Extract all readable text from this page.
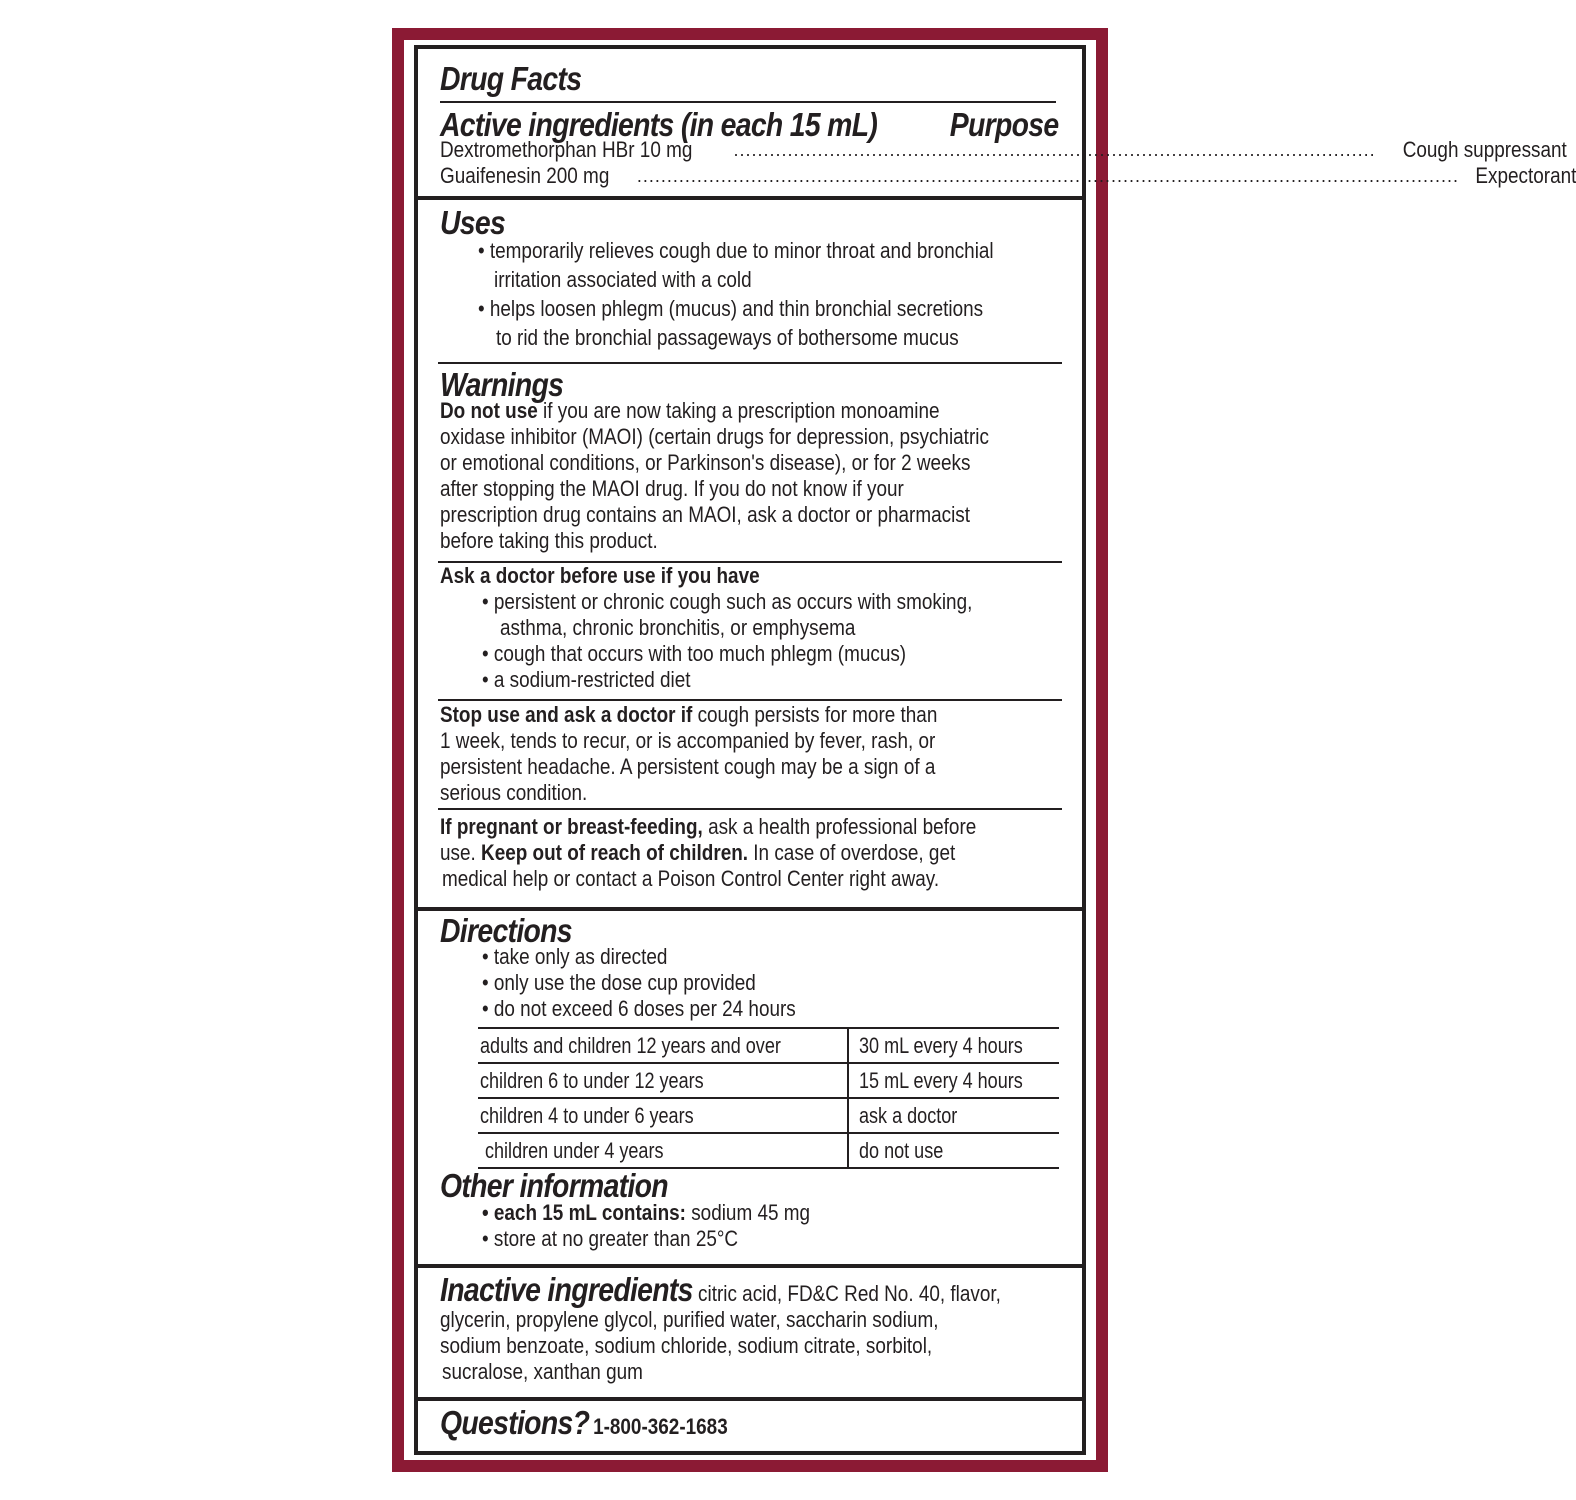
Drug Facts
Active ingredients (in each 15 mL) Purpose
Dextromethorphan HBr 10 mg ........................................................................................................... Cough suppressant
Guaifenesin 200 mg ......................................................................................................................................... Expectorant
Uses
• temporarily relieves cough due to minor throat and bronchial
irritation associated with a cold
• helps loosen phlegm (mucus) and thin bronchial secretions
to rid the bronchial passageways of bothersome mucus
Warnings
Do not use if you are now taking a prescription monoamine
oxidase inhibitor (MAOI) (certain drugs for depression, psychiatric
or emotional conditions, or Parkinson's disease), or for 2 weeks
after stopping the MAOI drug. If you do not know if your
prescription drug contains an MAOI, ask a doctor or pharmacist
before taking this product.
Ask a doctor before use if you have
• persistent or chronic cough such as occurs with smoking,
asthma, chronic bronchitis, or emphysema
• cough that occurs with too much phlegm (mucus)
• a sodium-restricted diet
Stop use and ask a doctor if cough persists for more than
1 week, tends to recur, or is accompanied by fever, rash, or
persistent headache. A persistent cough may be a sign of a
serious condition.
If pregnant or breast-feeding, ask a health professional before
use. Keep out of reach of children. In case of overdose, get
medical help or contact a Poison Control Center right away.
Directions
• take only as directed
• only use the dose cup provided
• do not exceed 6 doses per 24 hours
adults and children 12 years and over	30 mL every 4 hours
children 6 to under 12 years	15 mL every 4 hours
children 4 to under 6 years	ask a doctor
children under 4 years	do not use
Other information
• each 15 mL contains: sodium 45 mg
• store at no greater than 25°C
Inactive ingredients citric acid, FD&C Red No. 40, flavor,
glycerin, propylene glycol, purified water, saccharin sodium,
sodium benzoate, sodium chloride, sodium citrate, sorbitol,
sucralose, xanthan gum
Questions? 1-800-362-1683
